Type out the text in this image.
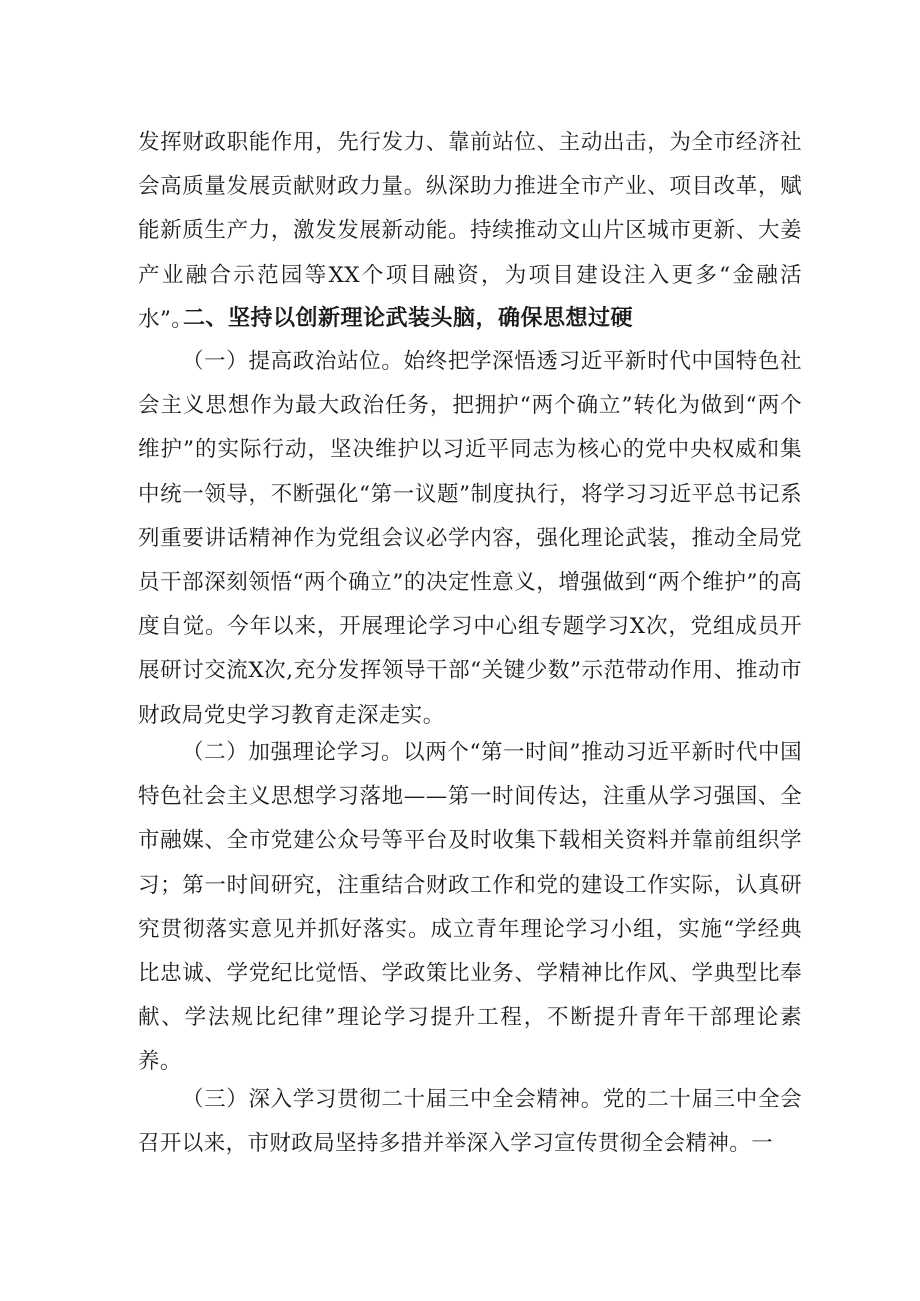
发挥财政职能作用，先行发力、靠前站位、主动出击，为全市经济社会高质量发展贡献财政力量。纵深助力推进全市产业、项目改革，赋能新质生产力，激发发展新动能。持续推动文山片区城市更新、大姜产业融合示范园等XX个项目融资，为项目建设注入更多“金融活水”。

二、坚持以创新理论武装头脑，确保思想过硬

（一）提高政治站位。始终把学深悟透习近平新时代中国特色社会主义思想作为最大政治任务，把拥护“两个确立”转化为做到“两个维护”的实际行动，坚决维护以习近平同志为核心的党中央权威和集中统一领导，不断强化“第一议题”制度执行，将学习习近平总书记系列重要讲话精神作为党组会议必学内容，强化理论武装，推动全局党员干部深刻领悟“两个确立”的决定性意义，增强做到“两个维护”的高度自觉。今年以来，开展理论学习中心组专题学习X次，党组成员开展研讨交流X次,充分发挥领导干部“关键少数”示范带动作用、推动市财政局党史学习教育走深走实。

（二）加强理论学习。以两个“第一时间”推动习近平新时代中国特色社会主义思想学习落地——第一时间传达，注重从学习强国、全市融媒、全市党建公众号等平台及时收集下载相关资料并靠前组织学习；第一时间研究，注重结合财政工作和党的建设工作实际，认真研究贯彻落实意见并抓好落实。成立青年理论学习小组，实施“学经典比忠诚、学党纪比觉悟、学政策比业务、学精神比作风、学典型比奉献、学法规比纪律”理论学习提升工程，不断提升青年干部理论素养。

（三）深入学习贯彻二十届三中全会精神。党的二十届三中全会召开以来，市财政局坚持多措并举深入学习宣传贯彻全会精神。一
